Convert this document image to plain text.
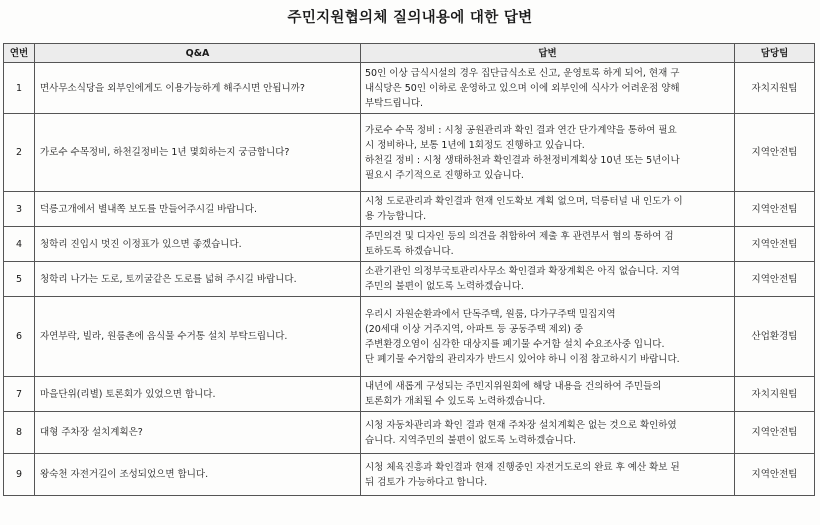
주민지원협의체 질의내용에 대한 답변
연번	Q&A	답변	담당팀
1	면사무소식당을 외부인에게도 이용가능하게 해주시면 안됩니까?	50인 이상 급식시설의 경우 집단급식소로 신고, 운영토록 하게 되어, 현재 구
내식당은 50인 이하로 운영하고 있으며 이에 외부인에 식사가 어려운점 양해
부탁드립니다.	자치지원팀
2	가로수 수목정비, 하천길정비는 1년 몇회하는지 궁금합니다?	가로수 수목 정비 : 시청 공원관리과 확인 결과 연간 단가계약을 통하여 필요
시 정비하나, 보통 1년에 1회정도 진행하고 있습니다.
하천길 정비 : 시청 생태하천과 확인결과 하천정비계획상 10년 또는 5년이나
필요시 주기적으로 진행하고 있습니다.	지역안전팀
3	덕릉고개에서 별내쪽 보도를 만들어주시길 바랍니다.	시청 도로관리과 확인결과 현재 인도확보 계획 없으며, 덕릉터널 내 인도가 이
용 가능합니다.	지역안전팀
4	청학리 진입시 멋진 이정표가 있으면 좋겠습니다.	주민의견 및 디자인 등의 의견을 취합하여 제출 후 관련부서 협의 통하여 검
토하도록 하겠습니다.	지역안전팀
5	청학리 나가는 도로, 토끼굴같은 도로를 넓혀 주시길 바랍니다.	소관기관인 의정부국토관리사무소 확인결과 확장계획은 아직 없습니다. 지역
주민의 불편이 없도록 노력하겠습니다.	지역안전팀
6	자연부락, 빌라, 원룸촌에 음식물 수거통 설치 부탁드립니다.	우리시 자원순환과에서 단독주택, 원룸, 다가구주택 밀집지역
(20세대 이상 거주지역, 아파트 등 공동주택 제외) 중
주변환경오염이 심각한 대상지를 폐기물 수거함 설치 수요조사중 입니다.
단 폐기물 수거함의 관리자가 반드시 있어야 하니 이점 참고하시기 바랍니다.	산업환경팀
7	마을단위(리별) 토론회가 있었으면 합니다.	내년에 새롭게 구성되는 주민지위원회에 해당 내용을 건의하여 주민들의
토론회가 개최될 수 있도록 노력하겠습니다.	자치지원팀
8	대형 주차장 설치계획은?	시청 자동차관리과 확인 결과 현재 주차장 설치계획은 없는 것으로 확인하였
습니다. 지역주민의 불편이 없도록 노력하겠습니다.	지역안전팀
9	왕숙천 자전거길이 조성되었으면 합니다.	시청 체육진흥과 확인결과 현재 진행중인 자전거도로의 완료 후 예산 확보 된
뒤 검토가 가능하다고 합니다.	지역안전팀
